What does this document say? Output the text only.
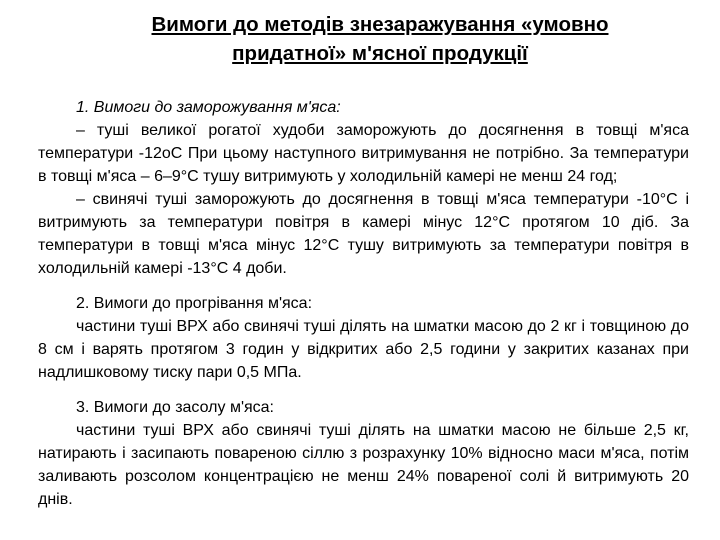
Вимоги до методів знезаражування «умовно
придатної» м'ясної продукції

1. Вимоги до заморожування м'яса:

– туші великої рогатої худоби заморожують до досягнення в товщі м'яса температури -12оС При цьому наступного витримування не потрібно. За температури в товщі м'яса – 6–9°С тушу витримують у холодильній камері не менш 24 год;

– свинячі туші заморожують до досягнення в товщі м'яса температури -10°С і витримують за температури повітря в камері мінус 12°С протягом 10 діб. За температури в товщі м'яса мінус 12°С тушу витримують за температури повітря в холодильній камері -13°С 4 доби.

2. Вимоги до прогрівання м'яса:

частини туші ВРХ або свинячі туші ділять на шматки масою до 2 кг і товщиною до 8 см і варять протягом 3 годин у відкритих або 2,5 години у закритих казанах при надлишковому тиску пари 0,5 МПа.

3. Вимоги до засолу м'яса:

частини туші ВРХ або свинячі туші ділять на шматки масою не більше 2,5 кг, натирають і засипають повареною сіллю з розрахунку 10% відносно маси м'яса, потім заливають розсолом концентрацією не менш 24% повареної солі й витримують 20 днів.
